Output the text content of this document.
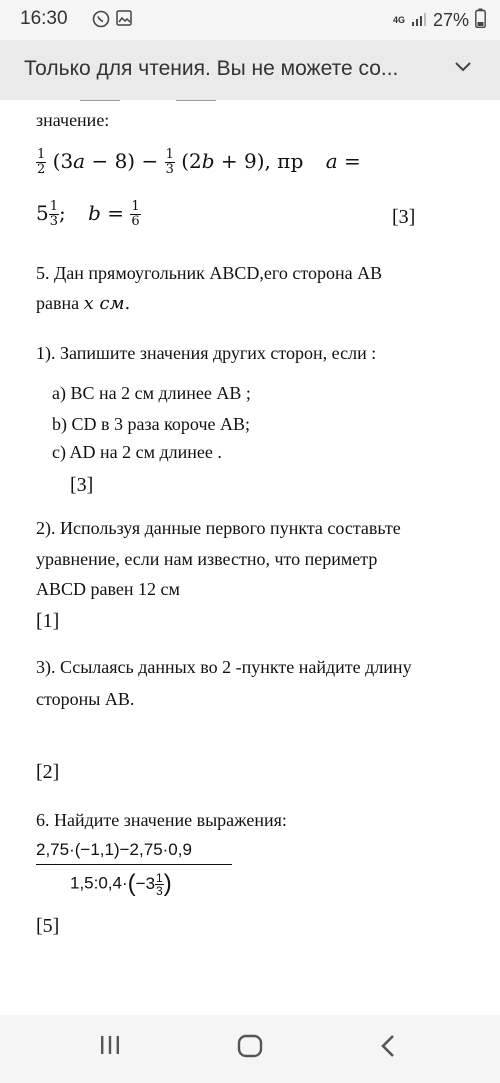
16:30	4G 27%
Только для чтения. Вы не можете со...
значение:
$\frac{1}{2}$ (3𝑎 − $8) - \frac{1}{3}$ (2𝑏 + 9), пр 𝑎 =
$5 \frac{1}{3}$ ; 𝑏 = $\frac{1}{6}$	[3]
5. Дан прямоугольник ABCD,его сторона AB
равна 𝑥 см.
1). Запишите значения других сторон, если :
a) BC на 2 см длинее AB ;
b) CD в 3 раза короче AB;
c) AD на 2 см длинее .
[3]
2). Используя данные первого пункта составьте
уравнение, если нам известно, что периметр
ABCD равен 12 см
[1]
3). Ссылаясь данных во 2 -пункте найдите длину
стороны AB.
[2]
6. Найдите значение выражения:
2,75·(−1,1)−2,75·0,9
1,5:0,4·(−3 $\frac{1}{3}$ )
[5]
